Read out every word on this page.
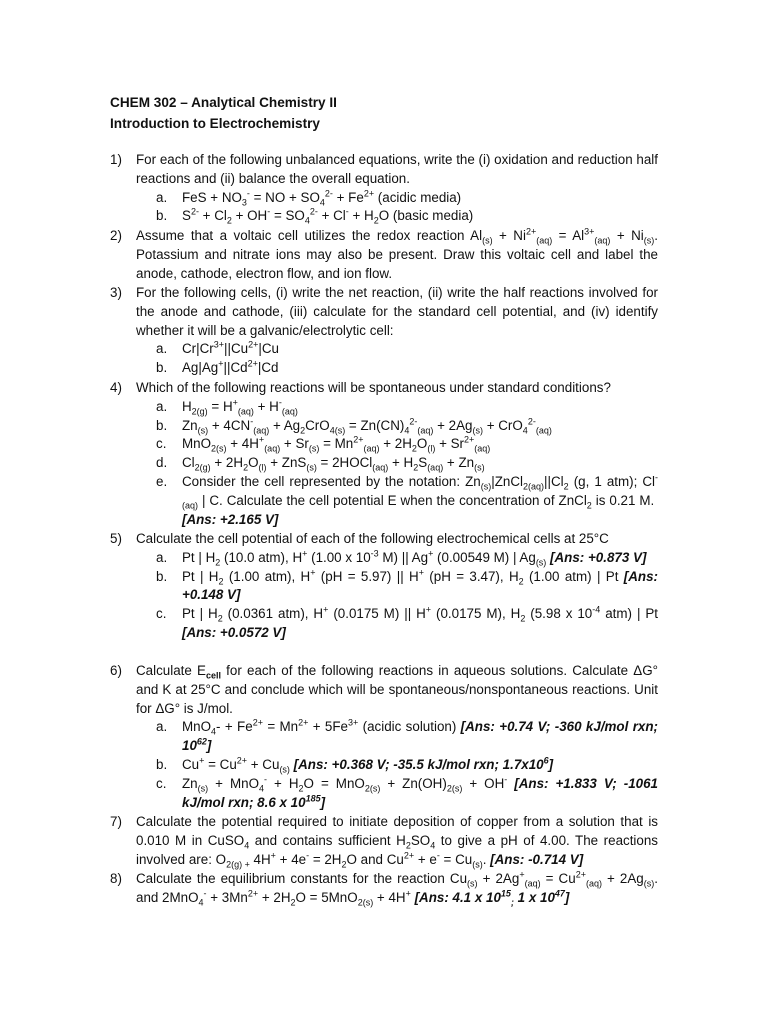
CHEM 302 – Analytical Chemistry II
Introduction to Electrochemistry
1) For each of the following unbalanced equations, write the (i) oxidation and reduction half reactions and (ii) balance the overall equation.
a. FeS + $NO_3^-$ = NO + $SO_4^{2-} + Fe^{2+}$ (acidic media)
b. $S^{2-} + Cl_2 + OH^- = SO_4^{2-} + Cl^- + H_2O$ (basic media)
2) Assume that a voltaic cell utilizes the redox reaction $Al_{(s)} + Ni^{2+}_{(aq)} = Al^{3+}_{(aq)} + Ni_{(s)}$. Potassium and nitrate ions may also be present. Draw this voltaic cell and label the anode, cathode, electron flow, and ion flow.
3) For the following cells, (i) write the net reaction, (ii) write the half reactions involved for the anode and cathode, (iii) calculate for the standard cell potential, and (iv) identify whether it will be a galvanic/electrolytic cell:
a. $Cr|Cr^{3+}||Cu^{2+}|Cu$
b. $Ag|Ag^+||Cd^{2+}|Cd$
4) Which of the following reactions will be spontaneous under standard conditions?
a. $H_{2(g)} = H^+_{(aq)} + H^-_{(aq)}$
b. $Zn_{(s)} + 4CN^-_{(aq)} + Ag_2CrO_{4(s)} = Zn(CN)_4^{2-}_{(aq)} + 2Ag_{(s)} + CrO_4^{2-}_{(aq)}$
c. $MnO_{2(s)} + 4H^+_{(aq)} + Sr_{(s)} = Mn^{2+}_{(aq)} + 2H_2O_{(l)} + Sr^{2+}_{(aq)}$
d. $Cl_{2(g)} + 2H_2O_{(l)} + ZnS_{(s)}$ = 2HOCl$_{(aq)}$ + $H_2S_{(aq)} + Zn_{(s)}$
e. Consider the cell represented by the notation: $Zn_{(s)}|ZnCl_{2(aq)}||Cl_2$ (g, 1 atm); $Cl^-_{(aq)}$ | C. Calculate the cell potential E when the concentration of ZnCl$_2$ is 0.21 M.  [Ans: +2.165 V]
5) Calculate the cell potential of each of the following electrochemical cells at 25°C
a. Pt | $H_2$ (10.0 atm), H+ (1.00 x $10^{-3}$ M) || Ag+ (0.00549 M) | $Ag_{(s)}$ [Ans: +0.873 V]
b. Pt | $H_2$ (1.00 atm), H+ (pH = 5.97) || H+ (pH = 3.47), $H_2$ (1.00 atm) | Pt [Ans: +0.148 V]
c. Pt | $H_2$ (0.0361 atm), H+ (0.0175 M) || H+ (0.0175 M), $H_2$ (5.98 x $10^{-4}$ atm) | Pt [Ans: +0.0572 V]
6) Calculate $E_{cell}$ for each of the following reactions in aqueous solutions. Calculate ΔG° and K at 25°C and conclude which will be spontaneous/nonspontaneous reactions. Unit for ΔG° is J/mol.
a. $MnO_4- + Fe^{2+} = Mn^{2+} + 5Fe^{3+}$ (acidic solution) [Ans: +0.74 V; -360 kJ/mol rxn; $10^{62}$]
b. $Cu^+ = Cu^{2+} + Cu_{(s)}$ [Ans: +0.368 V; -35.5 kJ/mol rxn; $1.7x10^6$]
c. $Zn_{(s)} + MnO_4^- + H_2O = MnO_{2(s)} + Zn(OH)_{2(s)} + OH^-$ [Ans: +1.833 V; -1061 kJ/mol rxn; 8.6 x $10^{185}$]
7) Calculate the potential required to initiate deposition of copper from a solution that is 0.010 M in CuSO$_4$ and contains sufficient $H_2SO_4$ to give a pH of 4.00. The reactions involved are: $O_{2(g) +}$ $4H^+ + 4e^- = 2H_2O$ and $Cu^{2+} + e^- = Cu_{(s)}$. [Ans: -0.714 V]
8) Calculate the equilibrium constants for the reaction $Cu_{(s)} + 2Ag^+_{(aq)} = Cu^{2+}_{(aq)} + 2Ag_{(s)}$. and $2MnO_4^- + 3Mn^{2+} + 2H_2O = 5MnO_{2(s)} + 4H^+$ [Ans: 4.1 x $10^{15}_;$ 1 x $10^{47}$]
